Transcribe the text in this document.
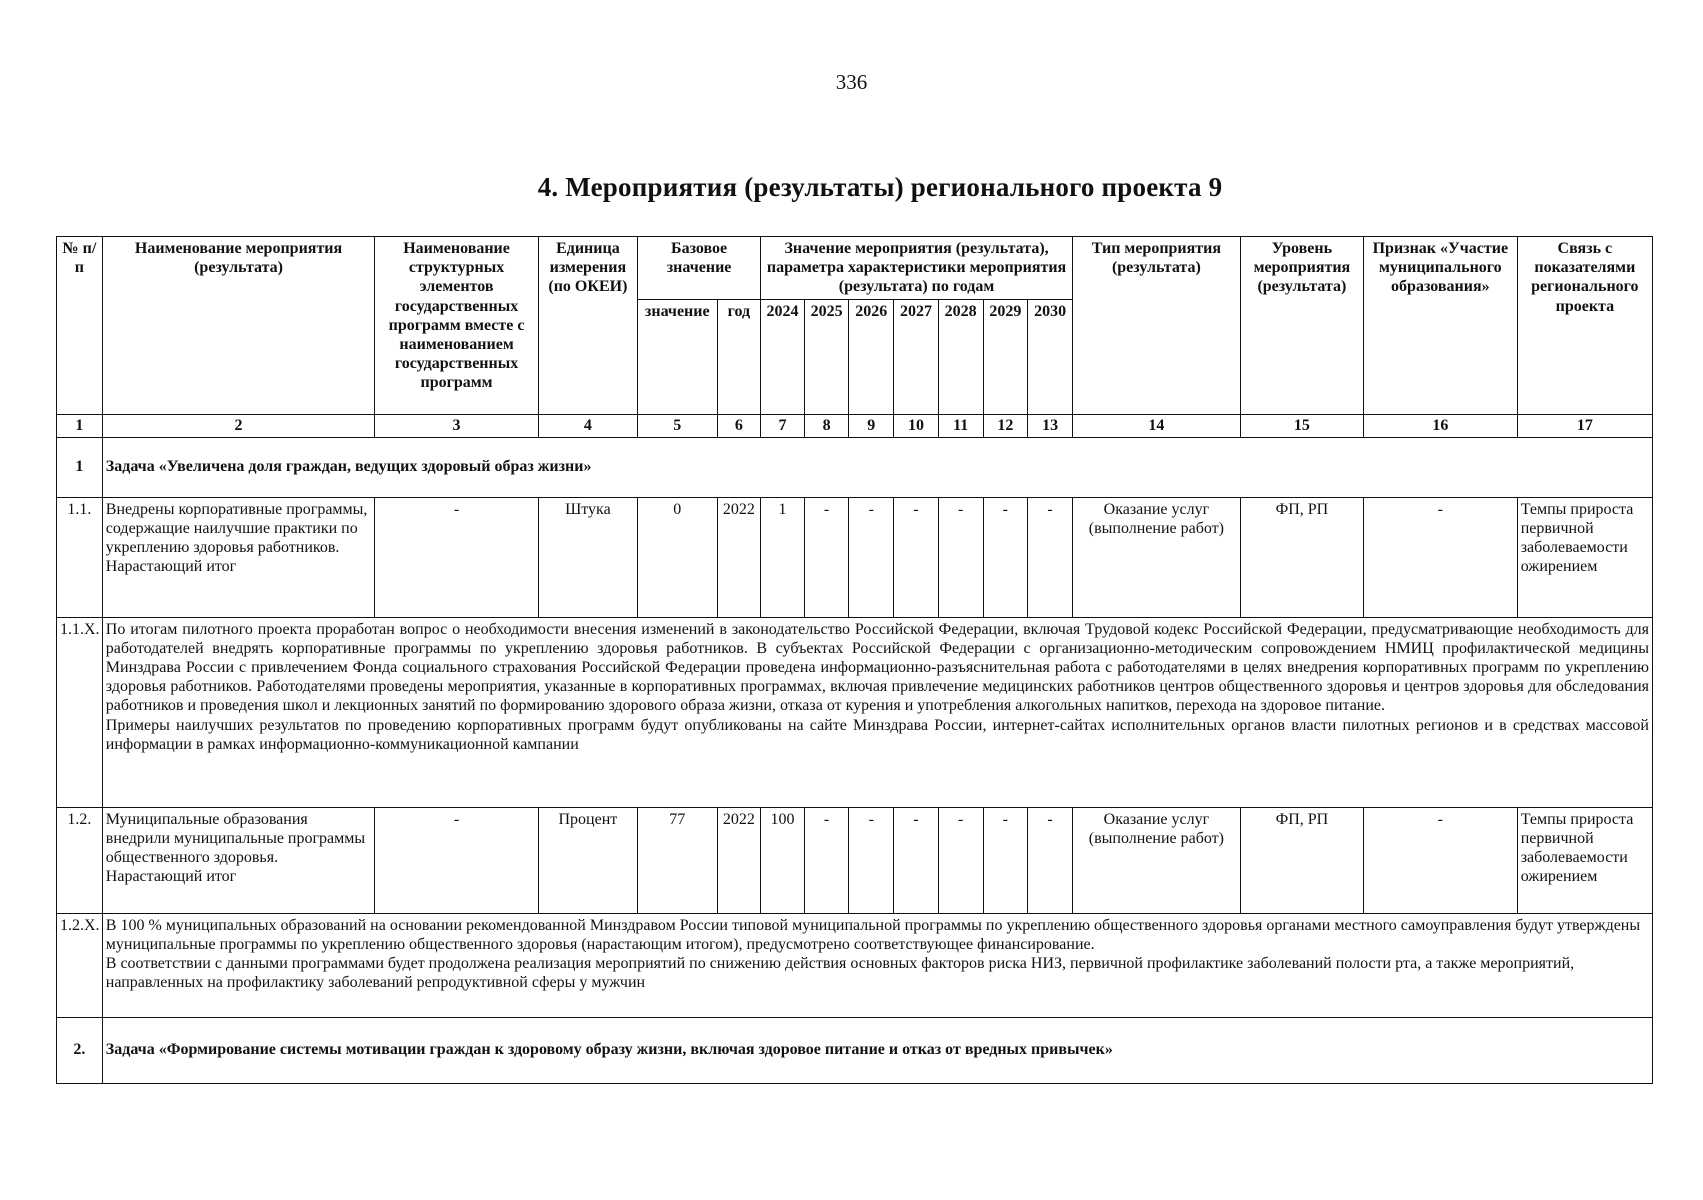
336
4. Мероприятия (результаты) регионального проекта 9
№ п/п	Наименование мероприятия (результата)	Наименование структурных элементов государственных программ вместе с наименованием государственных программ	Единица измерения (по ОКЕИ)	Базовое значение		Значение мероприятия (результата), параметра характеристики мероприятия (результата) по годам							Тип мероприятия (результата)	Уровень мероприятия (результата)	Признак «Участие муниципального образования»	Связь с показателями регионального проекта
				значение	год	2024	2025	2026	2027	2028	2029	2030				
1	2	3	4	5	6	7	8	9	10	11	12	13	14	15	16	17
1	Задача «Увеличена доля граждан, ведущих здоровый образ жизни»															
1.1.	Внедрены корпоративные программы, содержащие наилучшие практики по укреплению здоровья работников. Нарастающий итог	-	Штука	0	2022	1	-	-	-	-	-	-	Оказание услуг (выполнение работ)	ФП, РП	-	Темпы прироста первичной заболеваемости ожирением
1.1.X.	По итогам пилотного проекта проработан вопрос о необходимости внесения изменений в законодательство Российской Федерации, включая Трудовой кодекс Российской Федерации, предусматривающие необходимость для работодателей внедрять корпоративные программы по укреплению здоровья работников. В субъектах Российской Федерации с организационно-методическим сопровождением НМИЦ профилактической медицины Минздрава России с привлечением Фонда социального страхования Российской Федерации проведена информационно-разъяснительная работа с работодателями в целях внедрения корпоративных программ по укреплению здоровья работников. Работодателями проведены мероприятия, указанные в корпоративных программах, включая привлечение медицинских работников центров общественного здоровья и центров здоровья для обследования работников и проведения школ и лекционных занятий по формированию здорового образа жизни, отказа от курения и употребления алкогольных напитков, перехода на здоровое питание.
Примеры наилучших результатов по проведению корпоративных программ будут опубликованы на сайте Минздрава России, интернет-сайтах исполнительных органов власти пилотных регионов и в средствах массовой информации в рамках информационно-коммуникационной кампании															

1.2.	Муниципальные образования внедрили муниципальные программы общественного здоровья. Нарастающий итог	-	Процент	77	2022	100	-	-	-	-	-	-	Оказание услуг (выполнение работ)	ФП, РП	-	Темпы прироста первичной заболеваемости ожирением
1.2.X.	В 100 % муниципальных образований на основании рекомендованной Минздравом России типовой муниципальной программы по укреплению общественного здоровья органами местного самоуправления будут утверждены муниципальные программы по укреплению общественного здоровья (нарастающим итогом), предусмотрено соответствующее финансирование.
В соответствии с данными программами будет продолжена реализация мероприятий по снижению действия основных факторов риска НИЗ, первичной профилактике заболеваний полости рта, а также мероприятий, направленных на профилактику заболеваний репродуктивной сферы у мужчин															

2.	Задача «Формирование системы мотивации граждан к здоровому образу жизни, включая здоровое питание и отказ от вредных привычек»															
